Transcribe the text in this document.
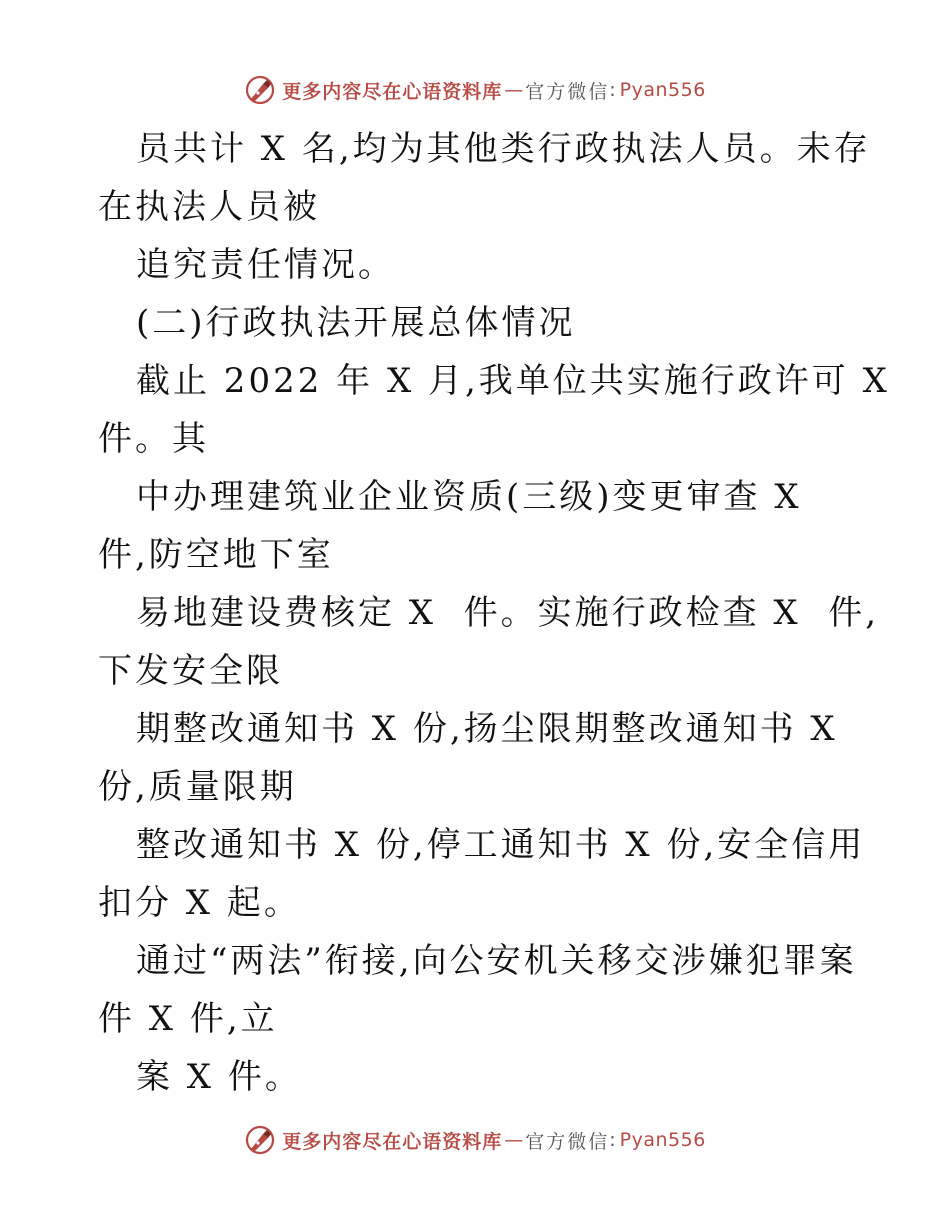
更多内容尽在心语资料库 — 官方微信 : Pyan556
员共计 X 名,均为其他类行政执法人员。未存
在执法人员被
追究责任情况。
(二)行政执法开展总体情况
截止 2022 年 X 月,我单位共实施行政许可 X
件。其
中办理建筑业企业资质(三级)变更审查 X
件,防空地下室
易地建设费核定 X  件。实施行政检查 X  件,
下发安全限
期整改通知书 X 份,扬尘限期整改通知书 X
份,质量限期
整改通知书 X 份,停工通知书 X 份,安全信用
扣分 X 起。
通过“两法”衔接,向公安机关移交涉嫌犯罪案
件 X 件,立
案 X 件。
更多内容尽在心语资料库 — 官方微信 : Pyan556
